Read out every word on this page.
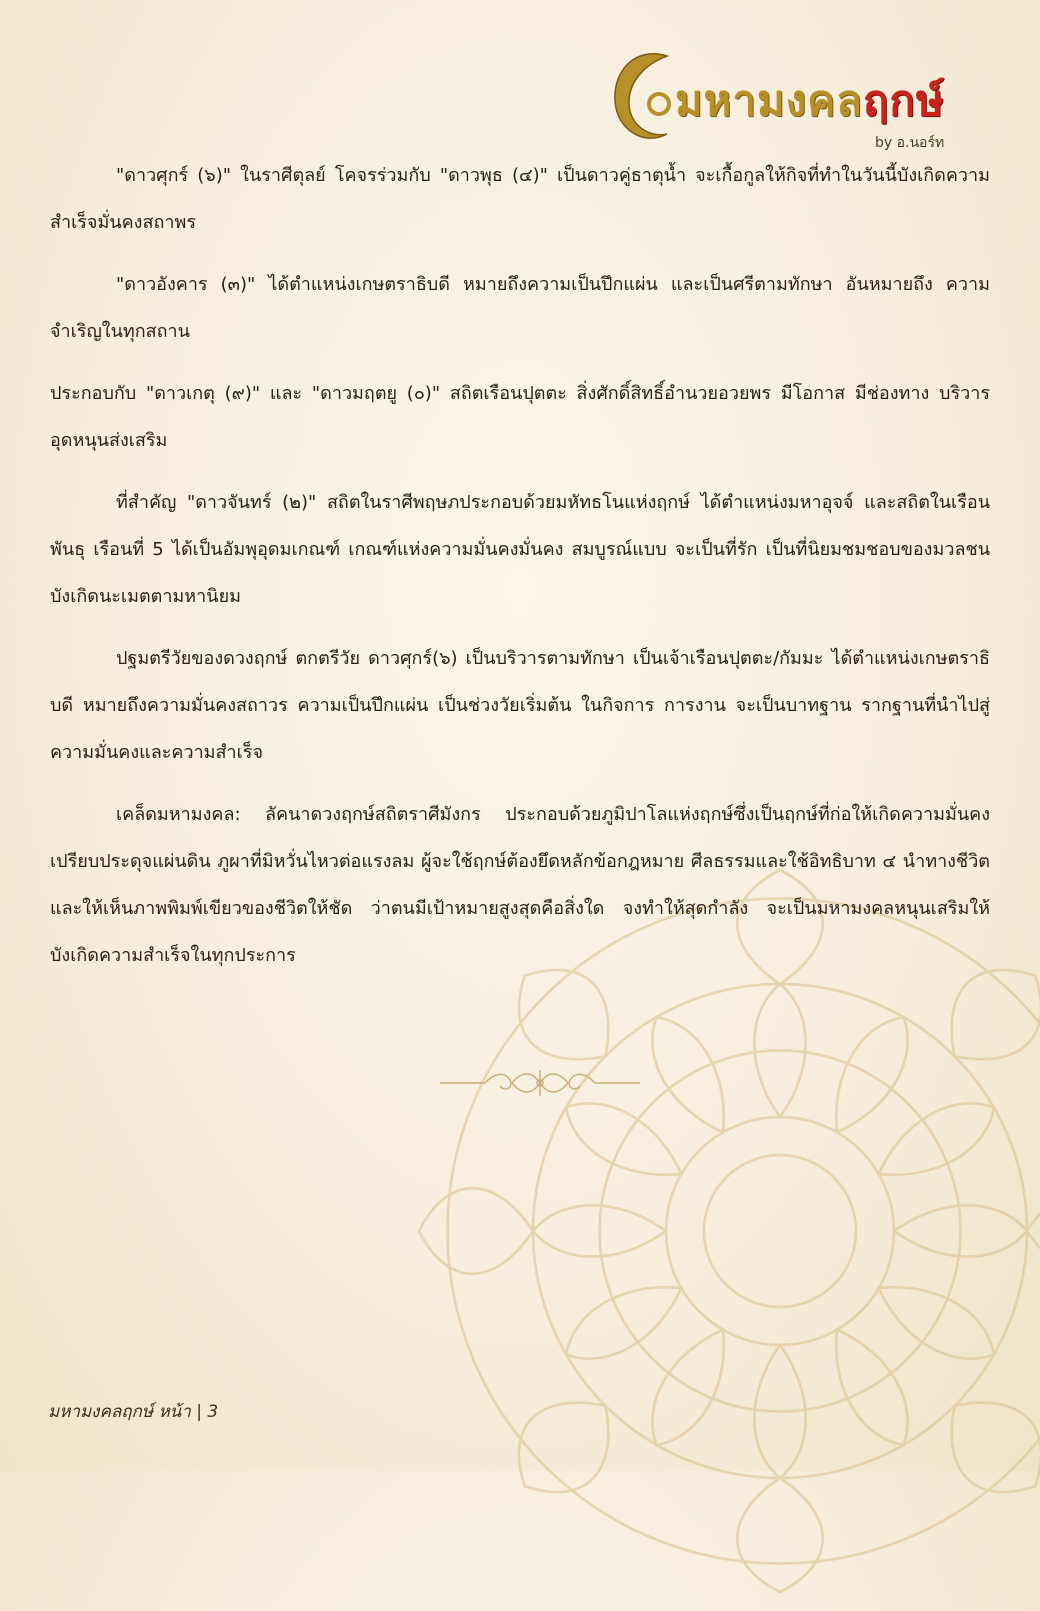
มหามงคลฤกษ์
by อ.นอร์ท

"ดาวศุกร์ (๖)" ในราศีตุลย์ โคจรร่วมกับ "ดาวพุธ (๔)" เป็นดาวคู่ธาตุน้ำ จะเกื้อกูลให้กิจที่ทำในวันนี้บังเกิดความสำเร็จมั่นคงสถาพร

"ดาวอังคาร (๓)" ได้ตำแหน่งเกษตราธิบดี หมายถึงความเป็นปึกแผ่น และเป็นศรีตามทักษา อันหมายถึง ความจำเริญในทุกสถาน

ประกอบกับ "ดาวเกตุ (๙)" และ "ดาวมฤตยู (๐)" สถิตเรือนปุตตะ สิ่งศักดิ์สิทธิ์อำนวยอวยพร มีโอกาส มีช่องทาง บริวารอุดหนุนส่งเสริม

ที่สำคัญ "ดาวจันทร์ (๒)" สถิตในราศีพฤษภประกอบด้วยมหัทธโนแห่งฤกษ์ ได้ตำแหน่งมหาอุจจ์ และสถิตในเรือนพันธุ เรือนที่ 5 ได้เป็นอัมพุอุดมเกณฑ์ เกณฑ์แห่งความมั่นคงมั่นคง สมบูรณ์แบบ จะเป็นที่รัก เป็นที่นิยมชมชอบของมวลชน บังเกิดนะเมตตามหานิยม

ปฐมตรีวัยของดวงฤกษ์ ตกตรีวัย ดาวศุกร์(๖) เป็นบริวารตามทักษา เป็นเจ้าเรือนปุตตะ/กัมมะ ได้ตำแหน่งเกษตราธิบดี หมายถึงความมั่นคงสถาวร ความเป็นปึกแผ่น เป็นช่วงวัยเริ่มต้น ในกิจการ การงาน จะเป็นบาทฐาน รากฐานที่นำไปสู่ความมั่นคงและความสำเร็จ

เคล็ดมหามงคล: ลัคนาดวงฤกษ์สถิตราศีมังกร ประกอบด้วยภูมิปาโลแห่งฤกษ์ซึ่งเป็นฤกษ์ที่ก่อให้เกิดความมั่นคง เปรียบประดุจแผ่นดิน ภูผาที่มิหวั่นไหวต่อแรงลม ผู้จะใช้ฤกษ์ต้องยึดหลักข้อกฎหมาย ศีลธรรมและใช้อิทธิบาท ๔ นำทางชีวิต และให้เห็นภาพพิมพ์เขียวของชีวิตให้ชัด ว่าตนมีเป้าหมายสูงสุดคือสิ่งใด จงทำให้สุดกำลัง จะเป็นมหามงคลหนุนเสริมให้บังเกิดความสำเร็จในทุกประการ

มหามงคลฤกษ์ หน้า | 3
